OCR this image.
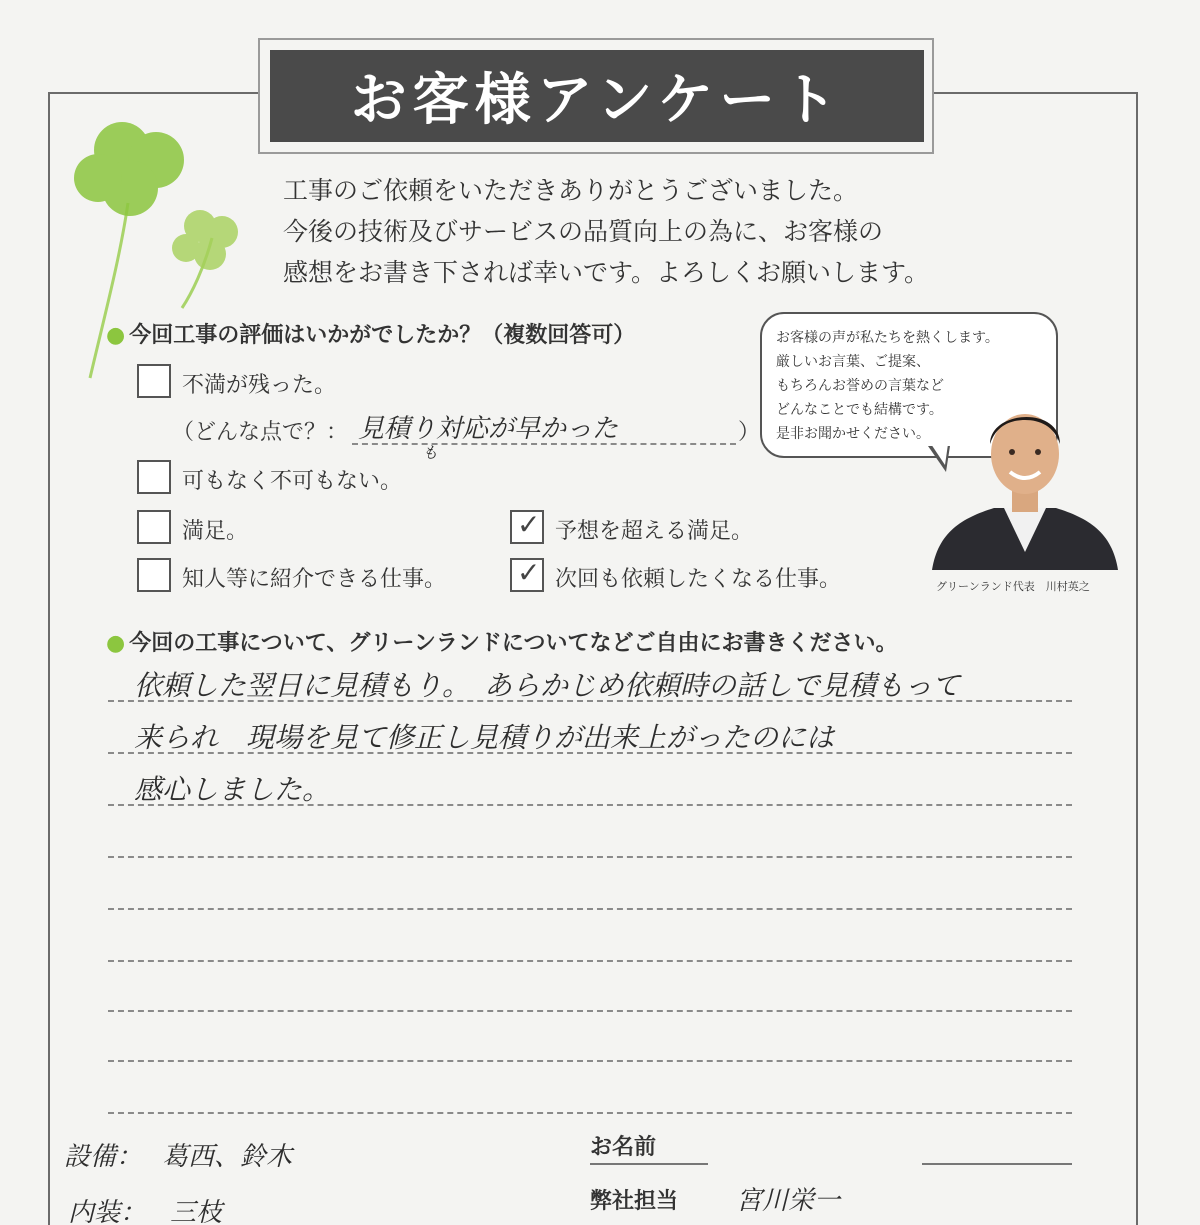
お客様アンケート
工事のご依頼をいただきありがとうございました。
今後の技術及びサービスの品質向上の為に、お客様の
感想をお書き下されば幸いです。よろしくお願いします。
● 今回工事の評価はいかがでしたか？（複数回答可）
不満が残った。
（どんな点で？： 見積り対応が早かった
も
）
可もなく不可もない。
満足。	✓ 予想を超える満足。
知人等に紹介できる仕事。	✓ 次回も依頼したくなる仕事。
お客様の声が私たちを熱くします。
厳しいお言葉、ご提案、
もちろんお誉めの言葉など
どんなことでも結構です。
是非お聞かせください。
グリーンランド代表　川村英之
● 今回の工事について、グリーンランドについてなどご自由にお書きください。
依頼した翌日に見積もり。　あらかじめ依頼時の話しで見積もって
来られ　現場を見て修正し見積りが出来上がったのには
感心しました。
設備： 葛西、鈴木
内装： 三枝
お名前
弊社担当 宮川栄一
